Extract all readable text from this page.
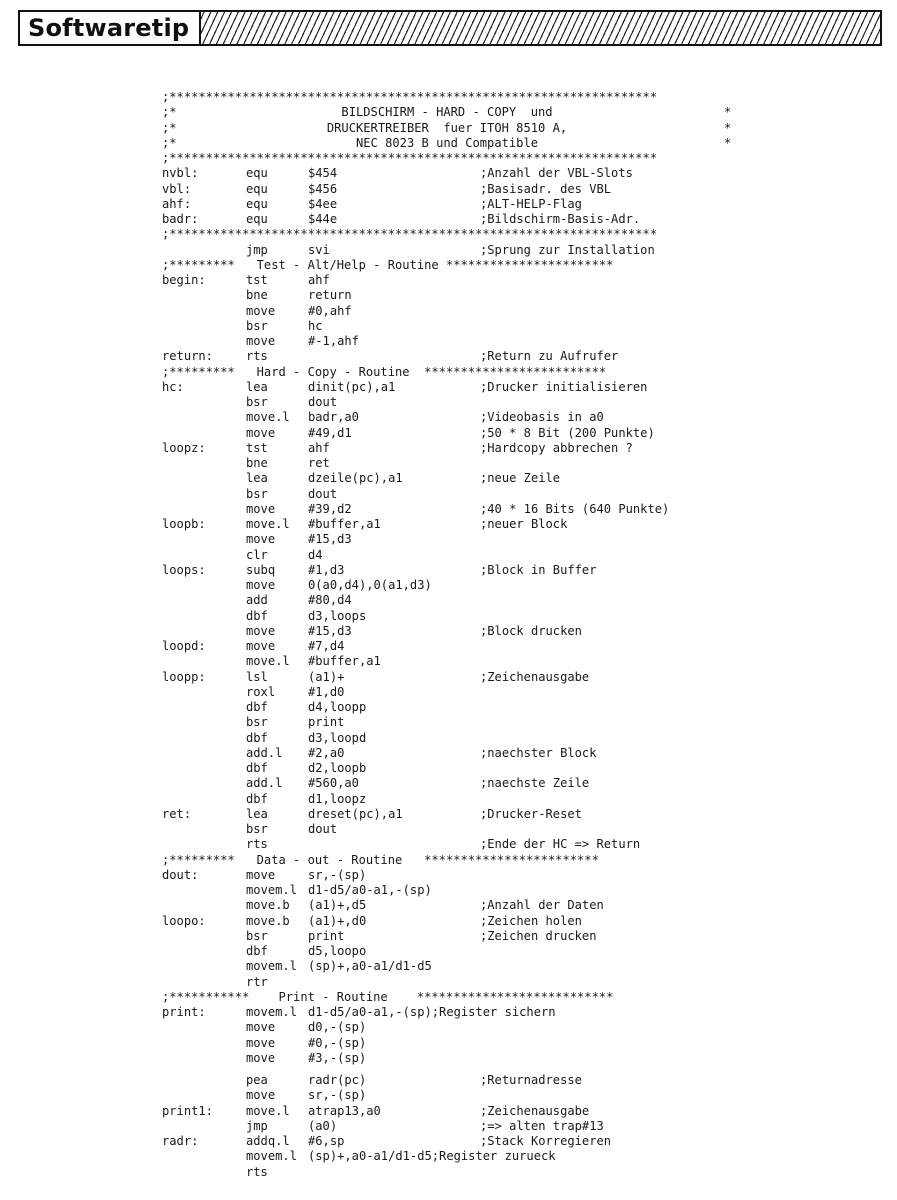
Softwaretip
;*******************************************************************
;*	BILDSCHIRM - HARD - COPY  und	*
;*	DRUCKERTREIBER  fuer ITOH 8510 A,	*
;*	NEC 8023 B und Compatible	*
;*******************************************************************
nvbl:	equ	$454	;Anzahl der VBL-Slots
vbl:	equ	$456	;Basisadr. des VBL
ahf:	equ	$4ee	;ALT-HELP-Flag
badr:	equ	$44e	;Bildschirm-Basis-Adr.
;*******************************************************************
jmp	svi	;Sprung zur Installation
;*********   Test - Alt/Help - Routine ***********************
begin:	tst	ahf
bne	return
move	#0,ahf
bsr	hc
move	#-1,ahf
return:	rts	;Return zu Aufrufer
;*********   Hard - Copy - Routine  *************************
hc:	lea	dinit(pc),a1	;Drucker initialisieren
bsr	dout
move.l badr,a0	;Videobasis in a0
move	#49,d1	;50 * 8 Bit (200 Punkte)
loopz:	tst	ahf	;Hardcopy abbrechen ?
bne	ret
lea	dzeile(pc),a1	;neue Zeile
bsr	dout
move	#39,d2	;40 * 16 Bits (640 Punkte)
loopb:	move.l #buffer,a1	;neuer Block
move	#15,d3
clr	d4
loops:	subq	#1,d3	;Block in Buffer
move	0(a0,d4),0(a1,d3)
add	#80,d4
dbf	d3,loops
move	#15,d3	;Block drucken
loopd:	move	#7,d4
move.l #buffer,a1
loopp:	lsl	(a1)+	;Zeichenausgabe
roxl	#1,d0
dbf	d4,loopp
bsr	print
dbf	d3,loopd
add.l #2,a0	;naechster Block
dbf	d2,loopb
add.l #560,a0	;naechste Zeile
dbf	d1,loopz
ret:	lea	dreset(pc),a1	;Drucker-Reset
bsr	dout
rts	;Ende der HC => Return
;*********   Data - out - Routine   ************************
dout:	move	sr,-(sp)
movem.l d1-d5/a0-a1,-(sp)
move.b (a1)+,d5	;Anzahl der Daten
loopo:	move.b (a1)+,d0	;Zeichen holen
bsr	print	;Zeichen drucken
dbf	d5,loopo
movem.l (sp)+,a0-a1/d1-d5
rtr
;***********    Print - Routine    ***************************
print:	movem.l d1-d5/a0-a1,-(sp);Register sichern
move	d0,-(sp)
move	#0,-(sp)
move	#3,-(sp)
pea	radr(pc)	;Returnadresse
move	sr,-(sp)
print1:	move.l atrap13,a0	;Zeichenausgabe
jmp	(a0)	;=> alten trap#13
radr:	addq.l #6,sp	;Stack Korregieren
movem.l (sp)+,a0-a1/d1-d5;Register zurueck
rts
